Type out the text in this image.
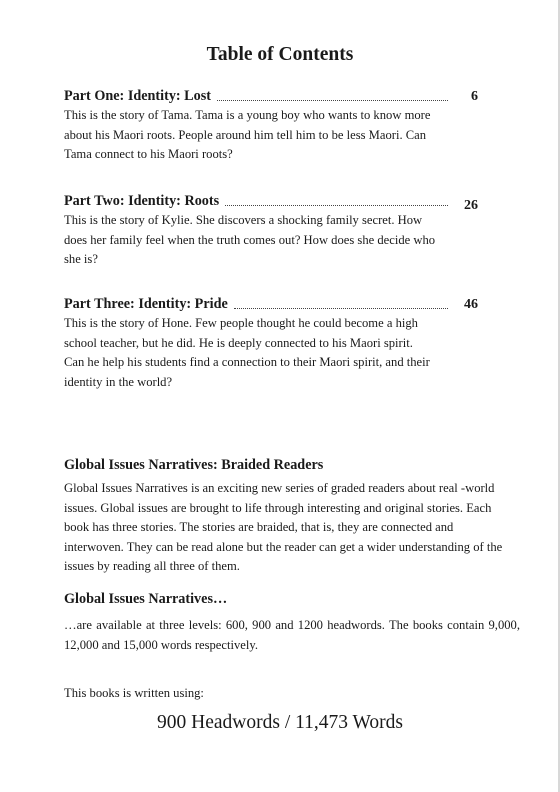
Table of Contents
Part One: Identity: Lost	6
This is the story of Tama. Tama is a young boy who wants to know more about his Maori roots. People around him tell him to be less Maori. Can Tama connect to his Maori roots?
Part Two: Identity: Roots	26
This is the story of Kylie. She discovers a shocking family secret. How does her family feel when the truth comes out? How does she decide who she is?
Part Three: Identity: Pride	46
This is the story of Hone. Few people thought he could become a high school teacher, but he did. He is deeply connected to his Maori spirit. Can he help his students find a connection to their Maori spirit, and their identity in the world?
Global Issues Narratives: Braided Readers
Global Issues Narratives is an exciting new series of graded readers about real -world issues. Global issues are brought to life through interesting and original stories. Each book has three stories. The stories are braided, that is, they are connected and interwoven. They can be read alone but the reader can get a wider understanding of the issues by reading all three of them.
Global Issues Narratives…
…are available at three levels: 600, 900 and 1200 headwords. The books contain 9,000, 12,000 and 15,000 words respectively.
This books is written using:
900 Headwords / 11,473 Words
